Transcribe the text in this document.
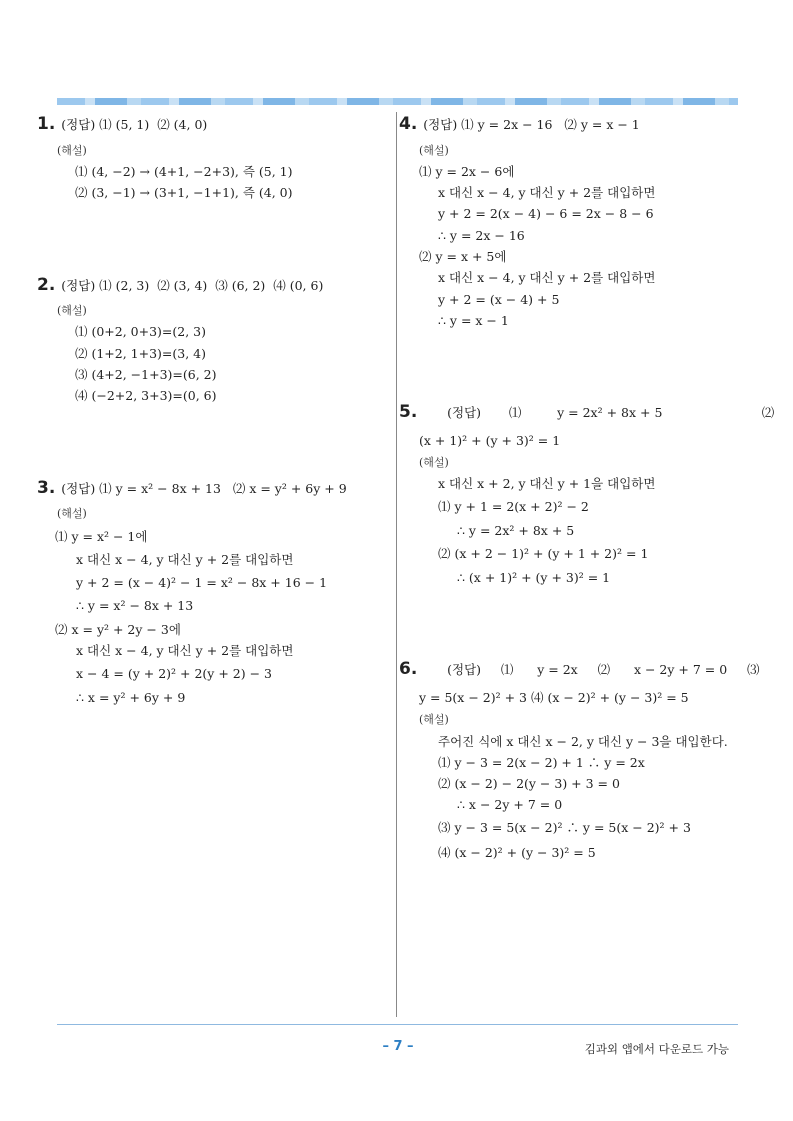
1. (정답) ⑴ (5, 1)  ⑵ (4, 0)
(해설)
⑴ (4, −2) → (4+1, −2+3), 즉 (5, 1)
⑵ (3, −1) → (3+1, −1+1), 즉 (4, 0)
2. (정답) ⑴ (2, 3)  ⑵ (3, 4)  ⑶ (6, 2)  ⑷ (0, 6)
(해설)
⑴ (0+2, 0+3)=(2, 3)
⑵ (1+2, 1+3)=(3, 4)
⑶ (4+2, −1+3)=(6, 2)
⑷ (−2+2, 3+3)=(0, 6)
3. (정답) ⑴ y = x² − 8x + 13   ⑵ x = y² + 6y + 9
(해설)
⑴ y = x² − 1에
x 대신 x − 4, y 대신 y + 2를 대입하면
y + 2 = (x − 4)² − 1 = x² − 8x + 16 − 1
∴ y = x² − 8x + 13
⑵ x = y² + 2y − 3에
x 대신 x − 4, y 대신 y + 2를 대입하면
x − 4 = (y + 2)² + 2(y + 2) − 3
∴ x = y² + 6y + 9
4. (정답) ⑴ y = 2x − 16   ⑵ y = x − 1
(해설)
⑴ y = 2x − 6에
x 대신 x − 4, y 대신 y + 2를 대입하면
y + 2 = 2(x − 4) − 6 = 2x − 8 − 6
∴ y = 2x − 16
⑵ y = x + 5에
x 대신 x − 4, y 대신 y + 2를 대입하면
y + 2 = (x − 4) + 5
∴ y = x − 1
5.      (정답)       ⑴         y = 2x² + 8x + 5                         ⑵
(x + 1)² + (y + 3)² = 1
(해설)
x 대신 x + 2, y 대신 y + 1을 대입하면
⑴ y + 1 = 2(x + 2)² − 2
∴ y = 2x² + 8x + 5
⑵ (x + 2 − 1)² + (y + 1 + 2)² = 1
∴ (x + 1)² + (y + 3)² = 1
6.      (정답)     ⑴      y = 2x     ⑵      x − 2y + 7 = 0     ⑶
y = 5(x − 2)² + 3 ⑷ (x − 2)² + (y − 3)² = 5
(해설)
주어진 식에 x 대신 x − 2, y 대신 y − 3을 대입한다.
⑴ y − 3 = 2(x − 2) + 1 ∴ y = 2x
⑵ (x − 2) − 2(y − 3) + 3 = 0
∴ x − 2y + 7 = 0
⑶ y − 3 = 5(x − 2)² ∴ y = 5(x − 2)² + 3
⑷ (x − 2)² + (y − 3)² = 5
– 7 –	김과외 앱에서 다운로드 가능
